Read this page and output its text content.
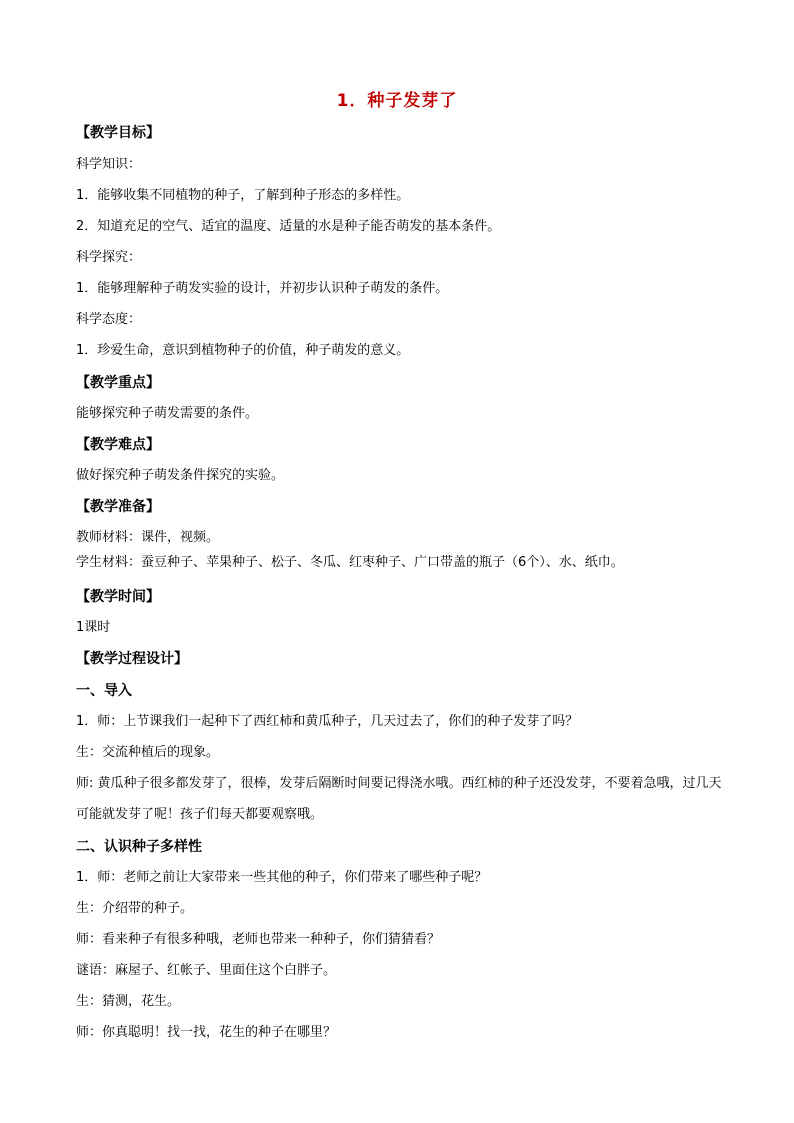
1．种子发芽了
【教学目标】
科学知识：
1．能够收集不同植物的种子，了解到种子形态的多样性。
2．知道充足的空气、适宜的温度、适量的水是种子能否萌发的基本条件。
科学探究：
1．能够理解种子萌发实验的设计，并初步认识种子萌发的条件。
科学态度：
1．珍爱生命，意识到植物种子的价值，种子萌发的意义。
【教学重点】
能够探究种子萌发需要的条件。
【教学难点】
做好探究种子萌发条件探究的实验。
【教学准备】
教师材料：课件，视频。
学生材料：蚕豆种子、苹果种子、松子、冬瓜、红枣种子、广口带盖的瓶子（6个）、水、纸巾。
【教学时间】
1课时
【教学过程设计】
一、导入
1．师：上节课我们一起种下了西红柿和黄瓜种子，几天过去了，你们的种子发芽了吗？
生：交流种植后的现象。
师: 黄瓜种子很多都发芽了，很棒，发芽后隔断时间要记得浇水哦。西红柿的种子还没发芽，不要着急哦，过几天可能就发芽了呢！孩子们每天都要观察哦。
二、认识种子多样性
1．师：老师之前让大家带来一些其他的种子，你们带来了哪些种子呢？
生：介绍带的种子。
师：看来种子有很多种哦，老师也带来一种种子，你们猜猜看？
谜语：麻屋子、红帐子、里面住这个白胖子。
生：猜测，花生。
师：你真聪明！找一找，花生的种子在哪里？
